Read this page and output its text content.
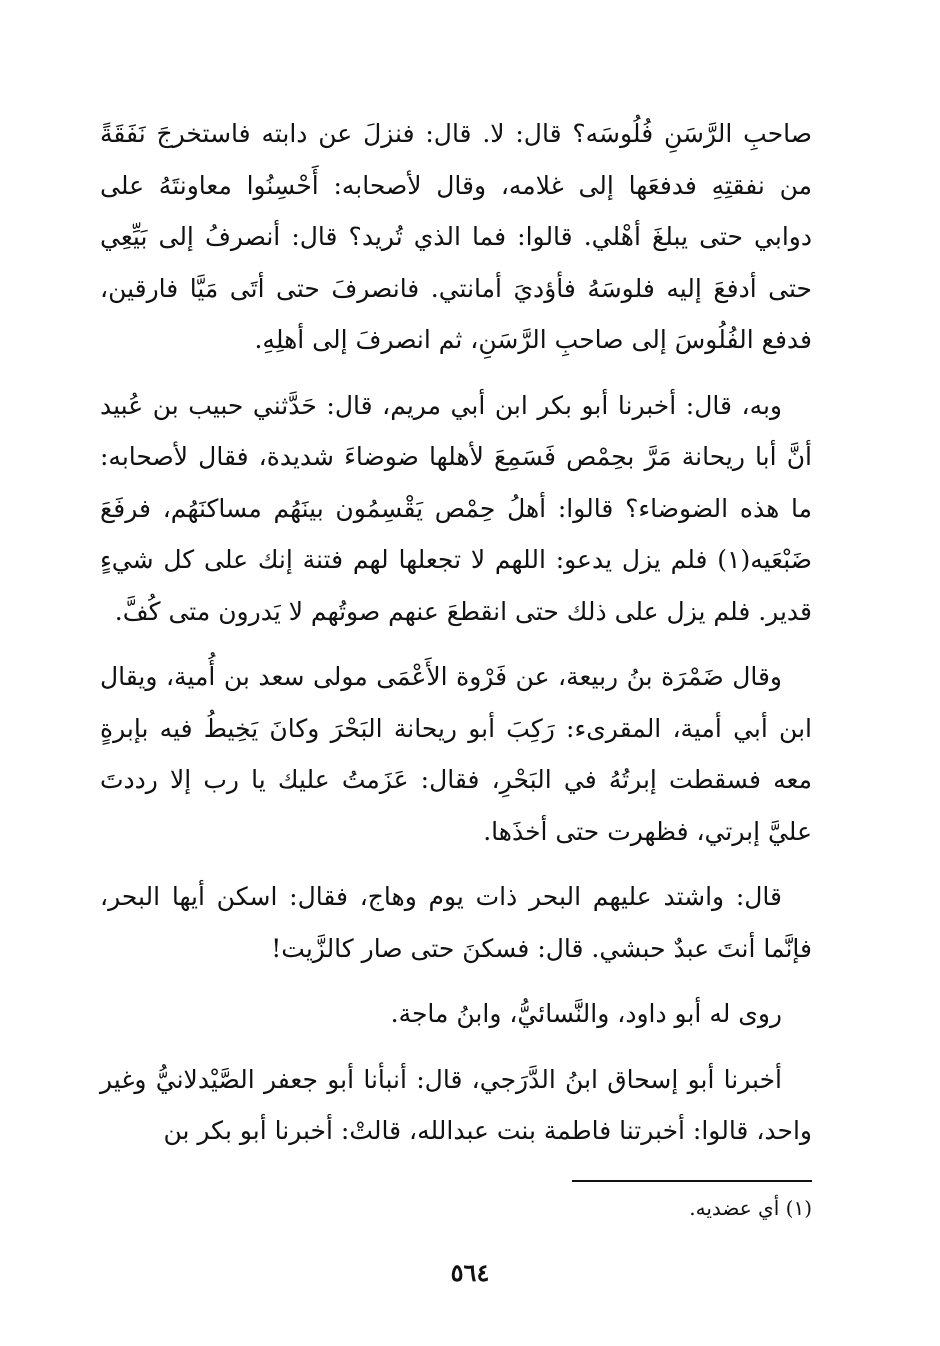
صاحبِ الرَّسَنِ فُلُوسَه؟ قال: لا. قال: فنزلَ عن دابته فاستخرجَ نَفَقَةً من نفقتِهِ فدفعَها إلى غلامه، وقال لأصحابه: أَحْسِنُوا معاونتَهُ على دوابي حتى يبلغَ أهْلي. قالوا: فما الذي تُريد؟ قال: أنصرفُ إلى بَيِّعِي حتى أدفعَ إليه فلوسَهُ فأؤديَ أمانتي. فانصرفَ حتى أتَى مَيَّا فارقين، فدفع الفُلُوسَ إلى صاحبِ الرَّسَنِ، ثم انصرفَ إلى أهلِهِ.

وبه، قال: أخبرنا أبو بكر ابن أبي مريم، قال: حَدَّثني حبيب بن عُبيد أنَّ أبا ريحانة مَرَّ بحِمْص فَسَمِعَ لأهلها ضوضاءَ شديدة، فقال لأصحابه: ما هذه الضوضاء؟ قالوا: أهلُ حِمْص يَقْسِمُون بينَهُم مساكنَهُم، فرفَعَ ضَبْعَيه(١) فلم يزل يدعو: اللهم لا تجعلها لهم فتنة إنك على كل شيءٍ قدير. فلم يزل على ذلك حتى انقطعَ عنهم صوتُهم لا يَدرون متى كُفَّ.

وقال ضَمْرَة بنُ ربيعة، عن فَرْوة الأَعْمَى مولى سعد بن أُمية، ويقال ابن أبي أمية، المقرىء: رَكِبَ أبو ريحانة البَحْرَ وكانَ يَخِيطُ فيه بإبرةٍ معه فسقطت إبرتُهُ في البَحْرِ، فقال: عَزَمتُ عليك يا رب إلا رددتَ عليَّ إبرتي، فظهرت حتى أخذَها.

قال: واشتد عليهم البحر ذات يوم وهاج، فقال: اسكن أيها البحر، فإنَّما أنتَ عبدٌ حبشي. قال: فسكنَ حتى صار كالزَّيت!

روى له أبو داود، والنَّسائيُّ، وابنُ ماجة.

أخبرنا أبو إسحاق ابنُ الدَّرَجي، قال: أنبأنا أبو جعفر الصَّيْدلانيُّ وغير واحد، قالوا: أخبرتنا فاطمة بنت عبدالله، قالتْ: أخبرنا أبو بكر بن

(١) أي عضديه.
٥٦٤
